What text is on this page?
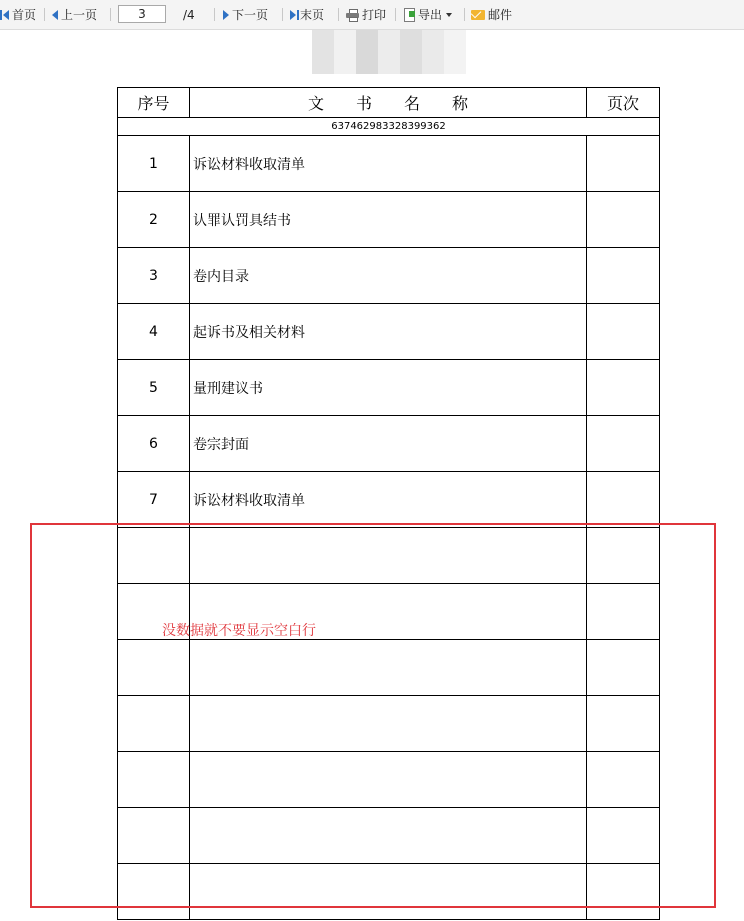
首页 上一页
3	/4	下一页	末页	打印	导出	邮件
序号	文书名称	页次
637462983328399362		
1	诉讼材料收取清单	
2	认罪认罚具结书	
3	卷内目录	
4	起诉书及相关材料	
5	量刑建议书	
6	卷宗封面	
7	诉讼材料收取清单	

没数据就不要显示空白行
